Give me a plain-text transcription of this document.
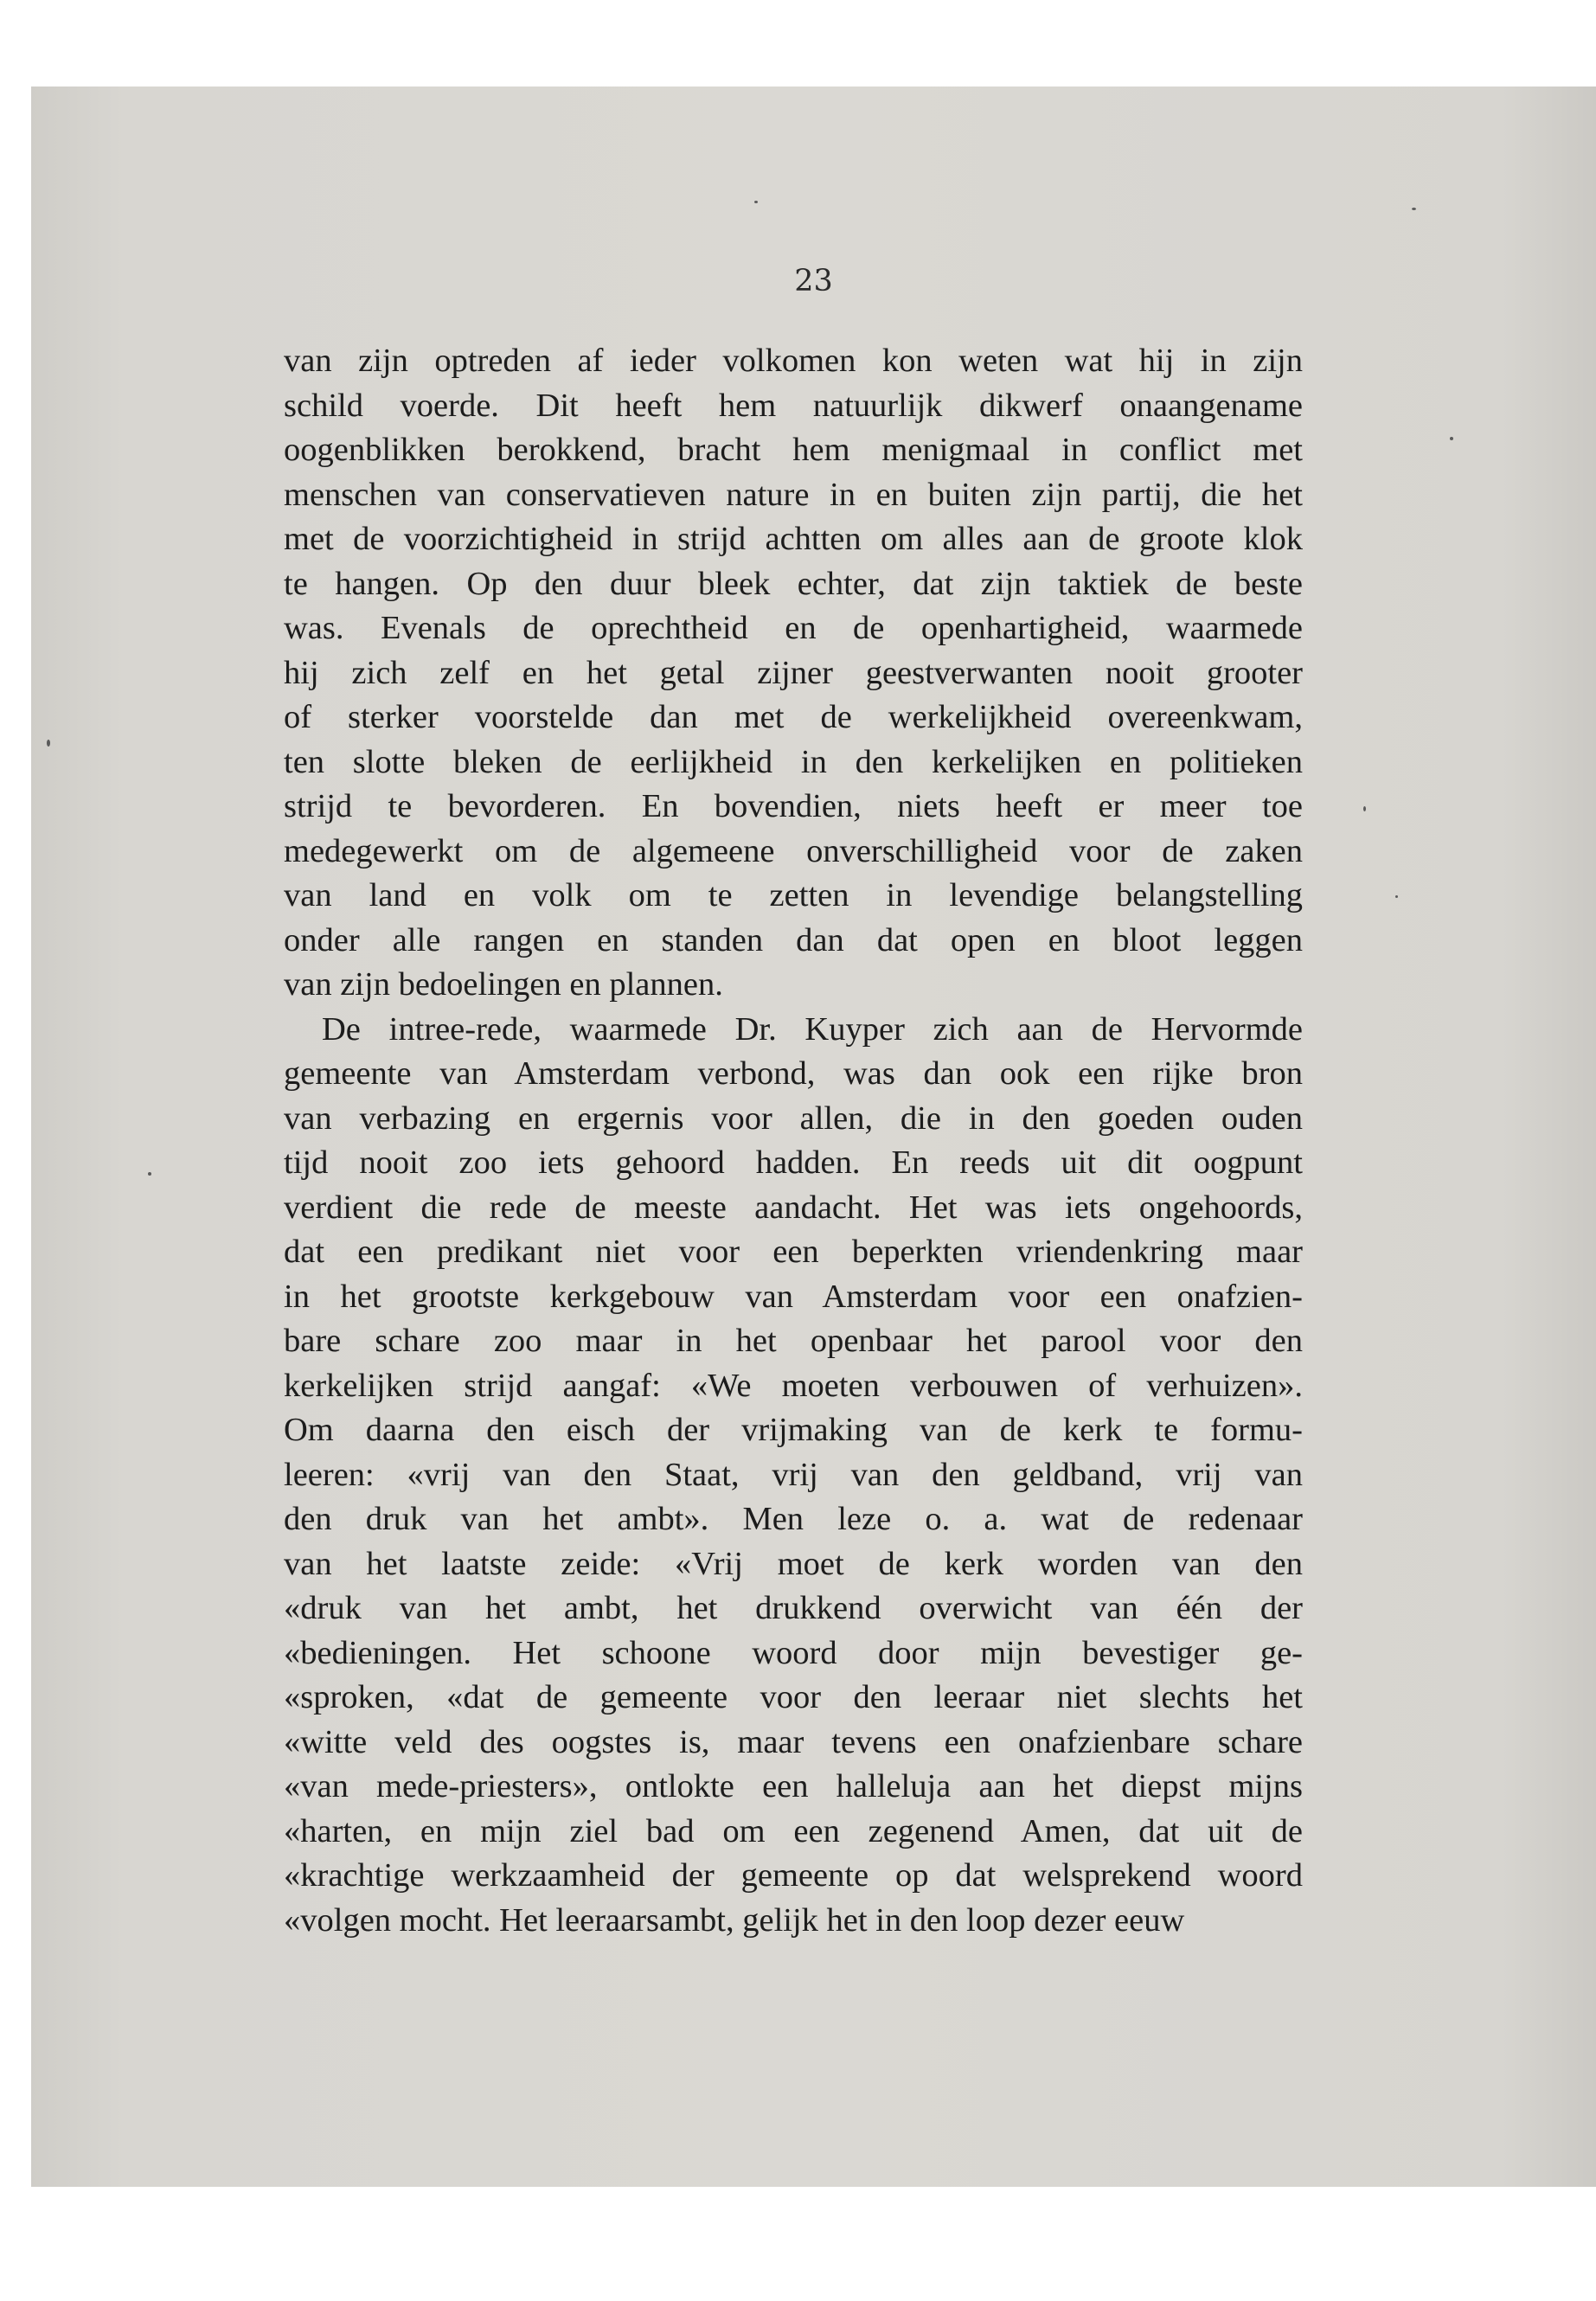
23
van zijn optreden af ieder volkomen kon weten wat hij in zijn
schild voerde. Dit heeft hem natuurlijk dikwerf onaangename
oogenblikken berokkend, bracht hem menigmaal in conflict met
menschen van conservatieven nature in en buiten zijn partij, die het
met de voorzichtigheid in strijd achtten om alles aan de groote klok
te hangen. Op den duur bleek echter, dat zijn taktiek de beste
was. Evenals de oprechtheid en de openhartigheid, waarmede
hij zich zelf en het getal zijner geestverwanten nooit grooter
of sterker voorstelde dan met de werkelijkheid overeenkwam,
ten slotte bleken de eerlijkheid in den kerkelijken en politieken
strijd te bevorderen. En bovendien, niets heeft er meer toe
medegewerkt om de algemeene onverschilligheid voor de zaken
van land en volk om te zetten in levendige belangstelling
onder alle rangen en standen dan dat open en bloot leggen
van zijn bedoelingen en plannen.
De intree-rede, waarmede Dr. Kuyper zich aan de Hervormde
gemeente van Amsterdam verbond, was dan ook een rijke bron
van verbazing en ergernis voor allen, die in den goeden ouden
tijd nooit zoo iets gehoord hadden. En reeds uit dit oogpunt
verdient die rede de meeste aandacht. Het was iets ongehoords,
dat een predikant niet voor een beperkten vriendenkring maar
in het grootste kerkgebouw van Amsterdam voor een onafzien-
bare schare zoo maar in het openbaar het parool voor den
kerkelijken strijd aangaf: «We moeten verbouwen of verhuizen».
Om daarna den eisch der vrijmaking van de kerk te formu-
leeren: «vrij van den Staat, vrij van den geldband, vrij van
den druk van het ambt». Men leze o. a. wat de redenaar
van het laatste zeide: «Vrij moet de kerk worden van den
«druk van het ambt, het drukkend overwicht van één der
«bedieningen. Het schoone woord door mijn bevestiger ge-
«sproken, «dat de gemeente voor den leeraar niet slechts het
«witte veld des oogstes is, maar tevens een onafzienbare schare
«van mede-priesters», ontlokte een halleluja aan het diepst mijns
«harten, en mijn ziel bad om een zegenend Amen, dat uit de
«krachtige werkzaamheid der gemeente op dat welsprekend woord
«volgen mocht. Het leeraarsambt, gelijk het in den loop dezer eeuw
